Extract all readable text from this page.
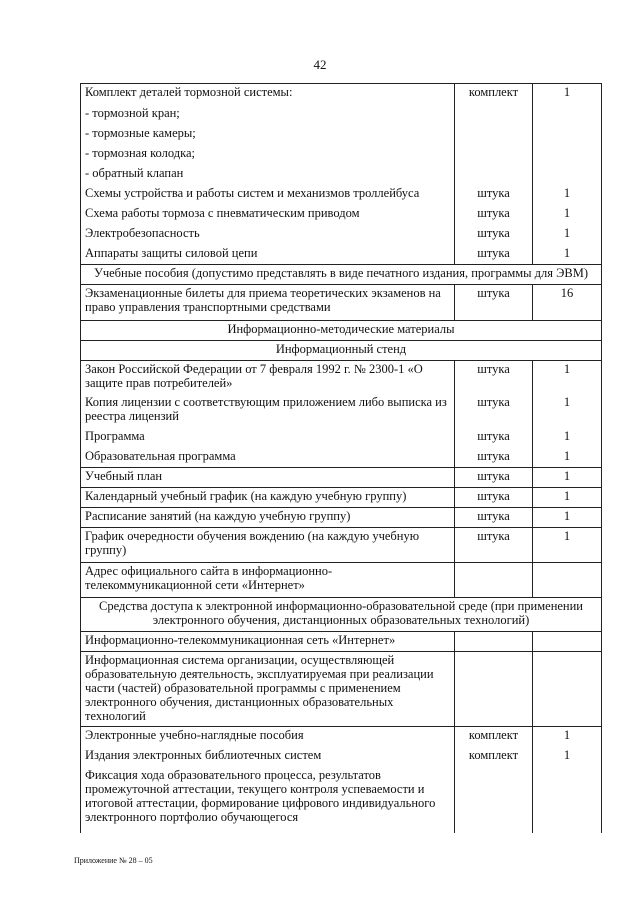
42
Комплект деталей тормозной системы:	комплект	1
- тормозной кран;		
- тормозные камеры;		
- тормозная колодка;		
- обратный клапан		
Схемы устройства и работы систем и механизмов троллейбуса	штука	1
Схема работы тормоза с пневматическим приводом	штука	1
Электробезопасность	штука	1
Аппараты защиты силовой цепи	штука	1
Учебные пособия (допустимо представлять в виде печатного издания, программы для ЭВМ)		
Экзаменационные билеты для приема теоретических экзаменов на право управления транспортными средствами	штука	16
Информационно-методические материалы		
Информационный стенд		
Закон Российской Федерации от 7 февраля 1992 г. № 2300-1 «О защите прав потребителей»	штука	1
Копия лицензии с соответствующим приложением либо выписка из реестра лицензий	штука	1
Программа	штука	1
Образовательная программа	штука	1
Учебный план	штука	1
Календарный учебный график (на каждую учебную группу)	штука	1
Расписание занятий (на каждую учебную группу)	штука	1
График очередности обучения вождению (на каждую учебную группу)	штука	1
Адрес официального сайта в информационно-телекоммуникационной сети «Интернет»		
Средства доступа к электронной информационно-образовательной среде (при применении электронного обучения, дистанционных образовательных технологий)		
Информационно-телекоммуникационная сеть «Интернет»		
Информационная система организации, осуществляющей образовательную деятельность, эксплуатируемая при реализации части (частей) образовательной программы с применением электронного обучения, дистанционных образовательных технологий		
Электронные учебно-наглядные пособия	комплект	1
Издания электронных библиотечных систем	комплект	1
Фиксация хода образовательного процесса, результатов промежуточной аттестации, текущего контроля успеваемости и итоговой аттестации, формирование цифрового индивидуального электронного портфолио обучающегося		
Приложение № 28 – 05
